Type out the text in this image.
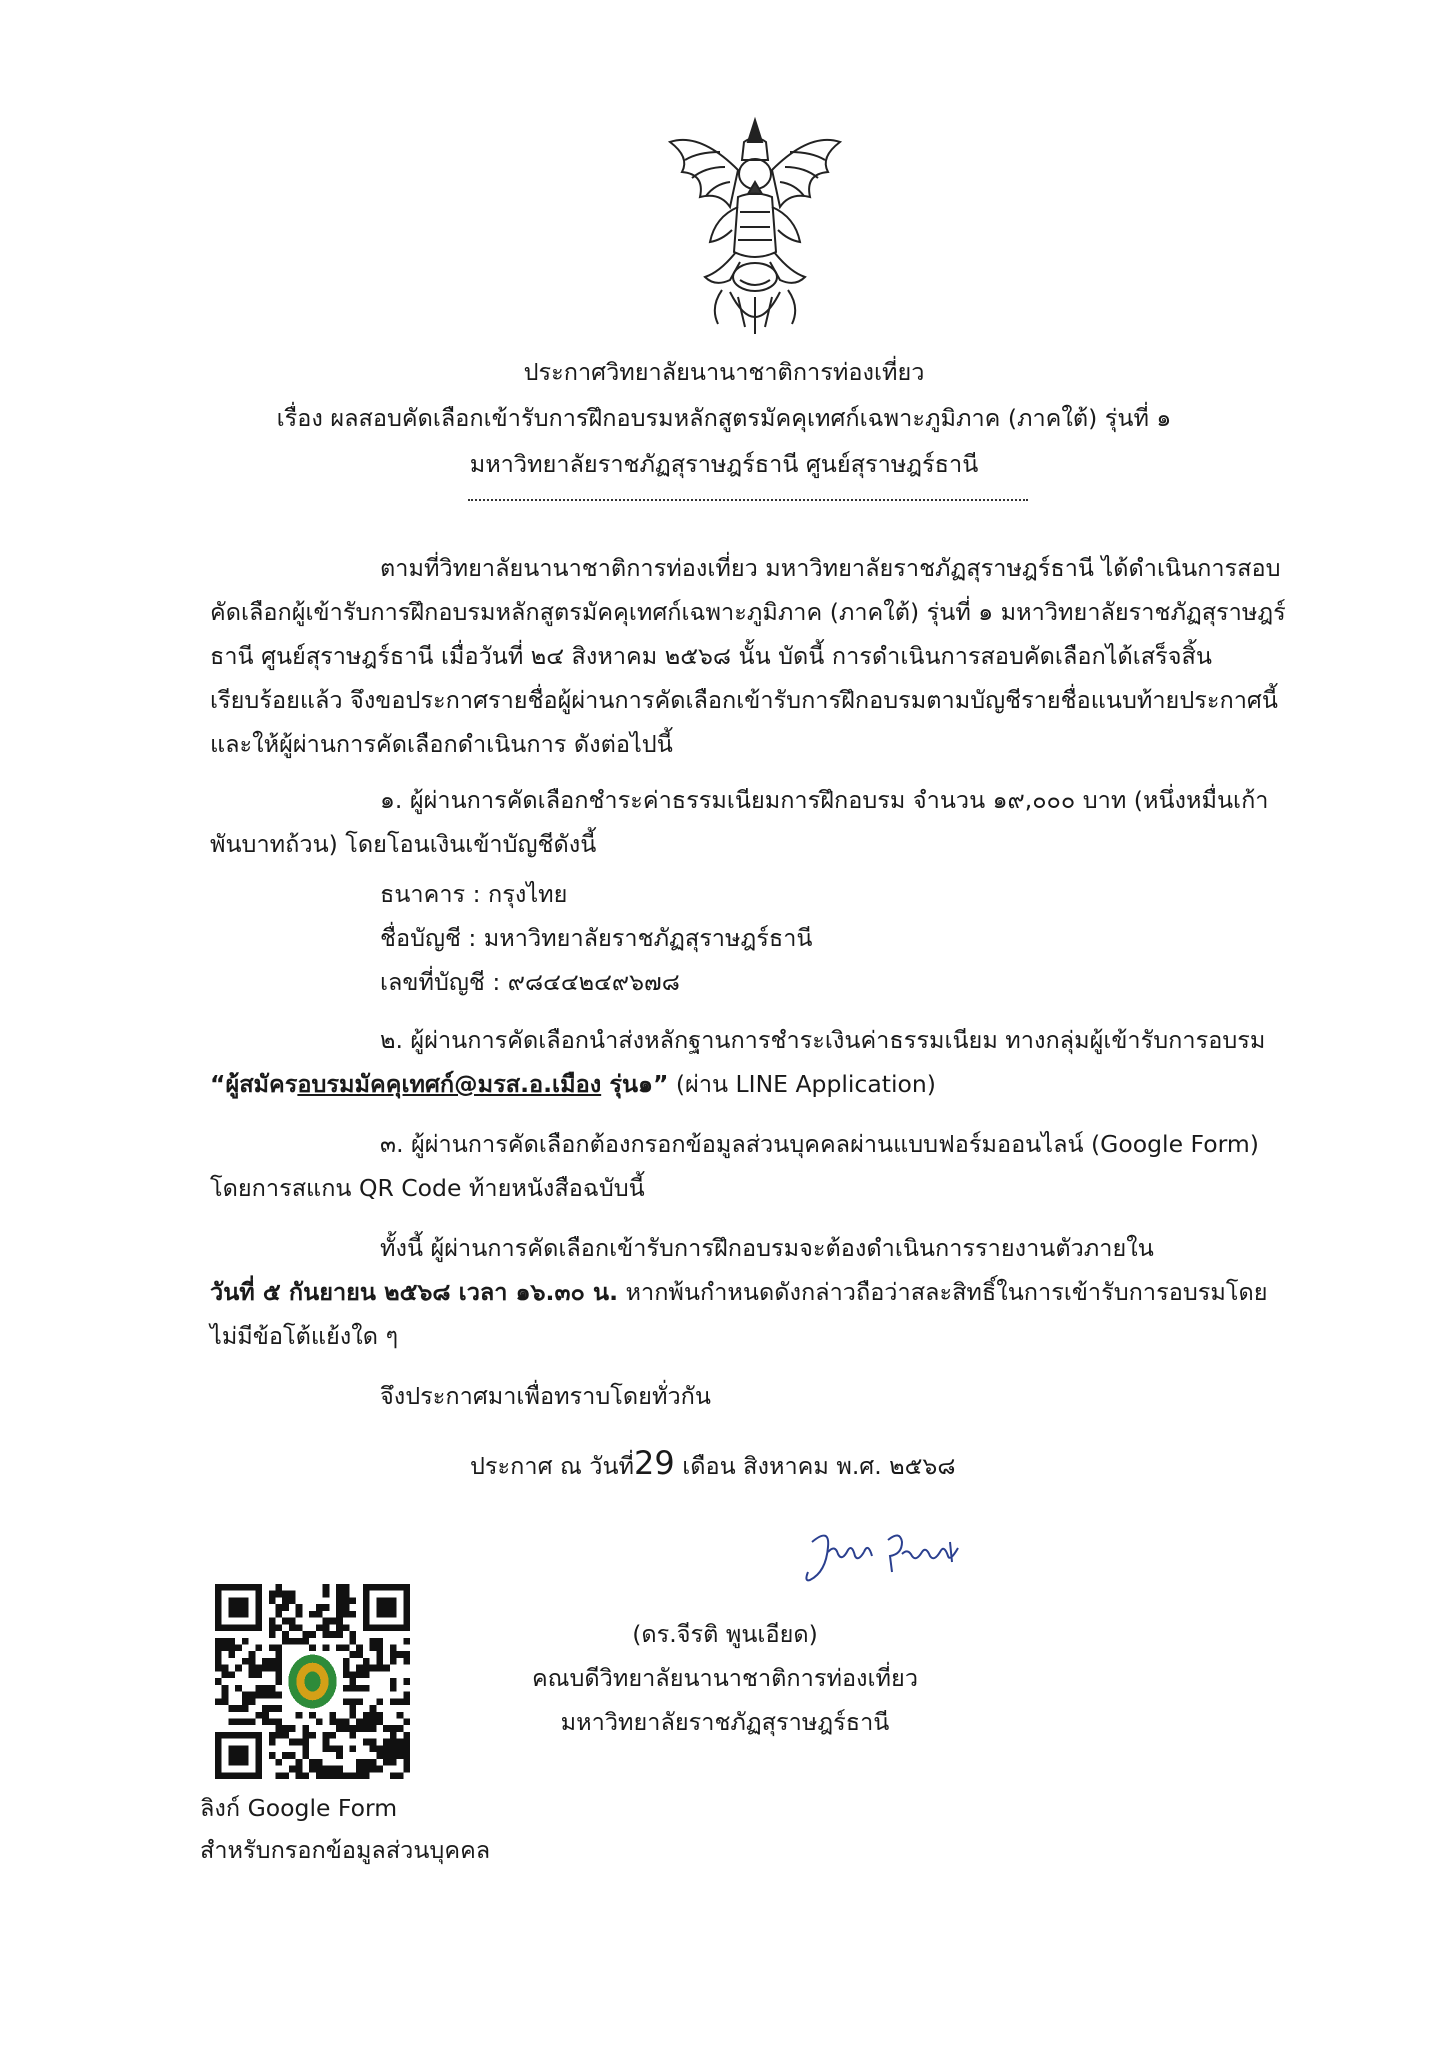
ประกาศวิทยาลัยนานาชาติการท่องเที่ยว
เรื่อง ผลสอบคัดเลือกเข้ารับการฝึกอบรมหลักสูตรมัคคุเทศก์เฉพาะภูมิภาค (ภาคใต้) รุ่นที่ ๑
มหาวิทยาลัยราชภัฏสุราษฎร์ธานี ศูนย์สุราษฎร์ธานี
ตามที่วิทยาลัยนานาชาติการท่องเที่ยว มหาวิทยาลัยราชภัฏสุราษฎร์ธานี ได้ดำเนินการสอบ
คัดเลือกผู้เข้ารับการฝึกอบรมหลักสูตรมัคคุเทศก์เฉพาะภูมิภาค (ภาคใต้) รุ่นที่ ๑ มหาวิทยาลัยราชภัฏสุราษฎร์
ธานี ศูนย์สุราษฎร์ธานี เมื่อวันที่ ๒๔ สิงหาคม ๒๕๖๘ นั้น บัดนี้ การดำเนินการสอบคัดเลือกได้เสร็จสิ้น
เรียบร้อยแล้ว จึงขอประกาศรายชื่อผู้ผ่านการคัดเลือกเข้ารับการฝึกอบรมตามบัญชีรายชื่อแนบท้ายประกาศนี้
และให้ผู้ผ่านการคัดเลือกดำเนินการ ดังต่อไปนี้
๑. ผู้ผ่านการคัดเลือกชำระค่าธรรมเนียมการฝึกอบรม จำนวน ๑๙,๐๐๐ บาท (หนึ่งหมื่นเก้า
พันบาทถ้วน) โดยโอนเงินเข้าบัญชีดังนี้
ธนาคาร : กรุงไทย
ชื่อบัญชี : มหาวิทยาลัยราชภัฏสุราษฎร์ธานี
เลขที่บัญชี : ๙๘๔๔๒๔๙๖๗๘
๒. ผู้ผ่านการคัดเลือกนำส่งหลักฐานการชำระเงินค่าธรรมเนียม ทางกลุ่มผู้เข้ารับการอบรม
“ผู้สมัครอบรมมัคคุเทศก์@มรส.อ.เมือง รุ่น๑” (ผ่าน LINE Application)
๓. ผู้ผ่านการคัดเลือกต้องกรอกข้อมูลส่วนบุคคลผ่านแบบฟอร์มออนไลน์ (Google Form)
โดยการสแกน QR Code ท้ายหนังสือฉบับนี้
ทั้งนี้ ผู้ผ่านการคัดเลือกเข้ารับการฝึกอบรมจะต้องดำเนินการรายงานตัวภายใน
วันที่ ๕ กันยายน ๒๕๖๘ เวลา ๑๖.๓๐ น. หากพ้นกำหนดดังกล่าวถือว่าสละสิทธิ์ในการเข้ารับการอบรมโดย
ไม่มีข้อโต้แย้งใด ๆ
จึงประกาศมาเพื่อทราบโดยทั่วกัน
ประกาศ ณ วันที่29 เดือน สิงหาคม พ.ศ. ๒๕๖๘
(ดร.จีรติ พูนเอียด)
คณบดีวิทยาลัยนานาชาติการท่องเที่ยว
มหาวิทยาลัยราชภัฏสุราษฎร์ธานี
ลิงก์ Google Form
สำหรับกรอกข้อมูลส่วนบุคคล
